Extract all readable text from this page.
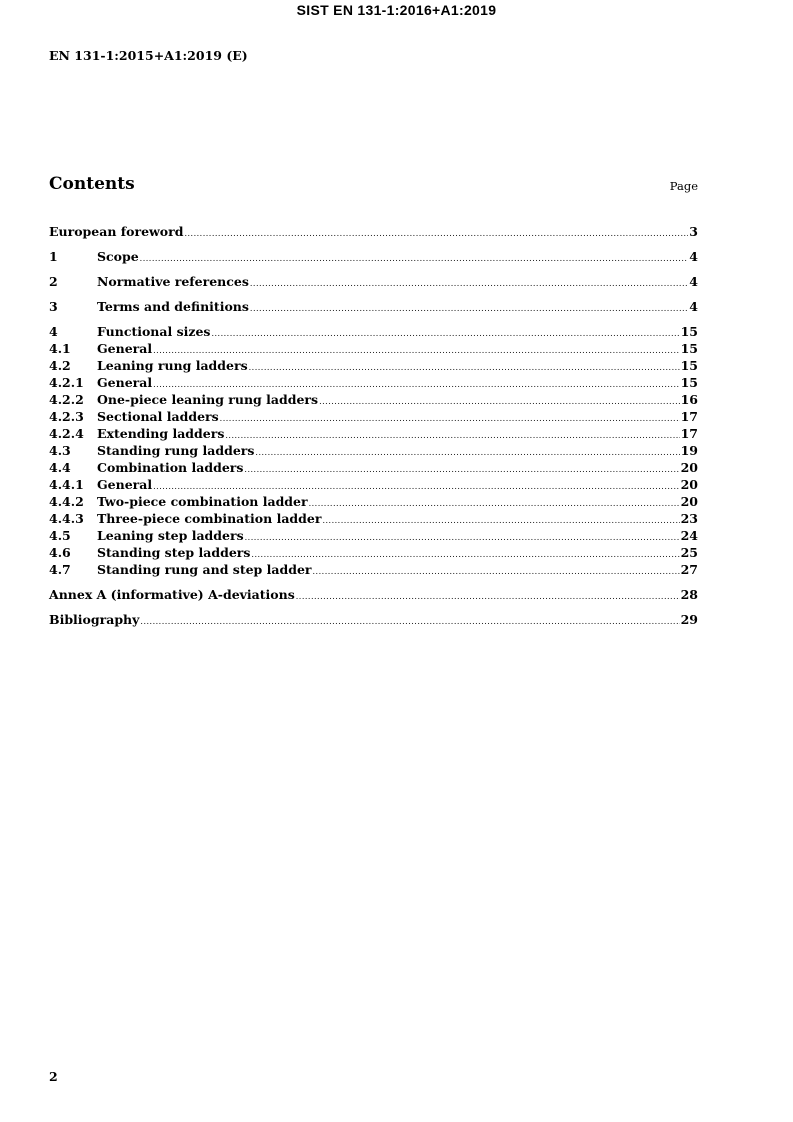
SIST EN 131-1:2016+A1:2019
EN 131-1:2015+A1:2019 (E)
Contents	Page
European foreword .....	3
1	Scope .....	4
2	Normative references .....	4
3	Terms and definitions .....	4
4	Functional sizes .....	15
4.1	General .....	15
4.2	Leaning rung ladders .....	15
4.2.1	General .....	15
4.2.2	One-piece leaning rung ladders .....	16
4.2.3	Sectional ladders .....	17
4.2.4	Extending ladders .....	17
4.3	Standing rung ladders .....	19
4.4	Combination ladders .....	20
4.4.1	General .....	20
4.4.2	Two-piece combination ladder .....	20
4.4.3	Three-piece combination ladder .....	23
4.5	Leaning step ladders .....	24
4.6	Standing step ladders .....	25
4.7	Standing rung and step ladder .....	27
Annex A (informative) A-deviations .....	28
Bibliography .....	29
2
